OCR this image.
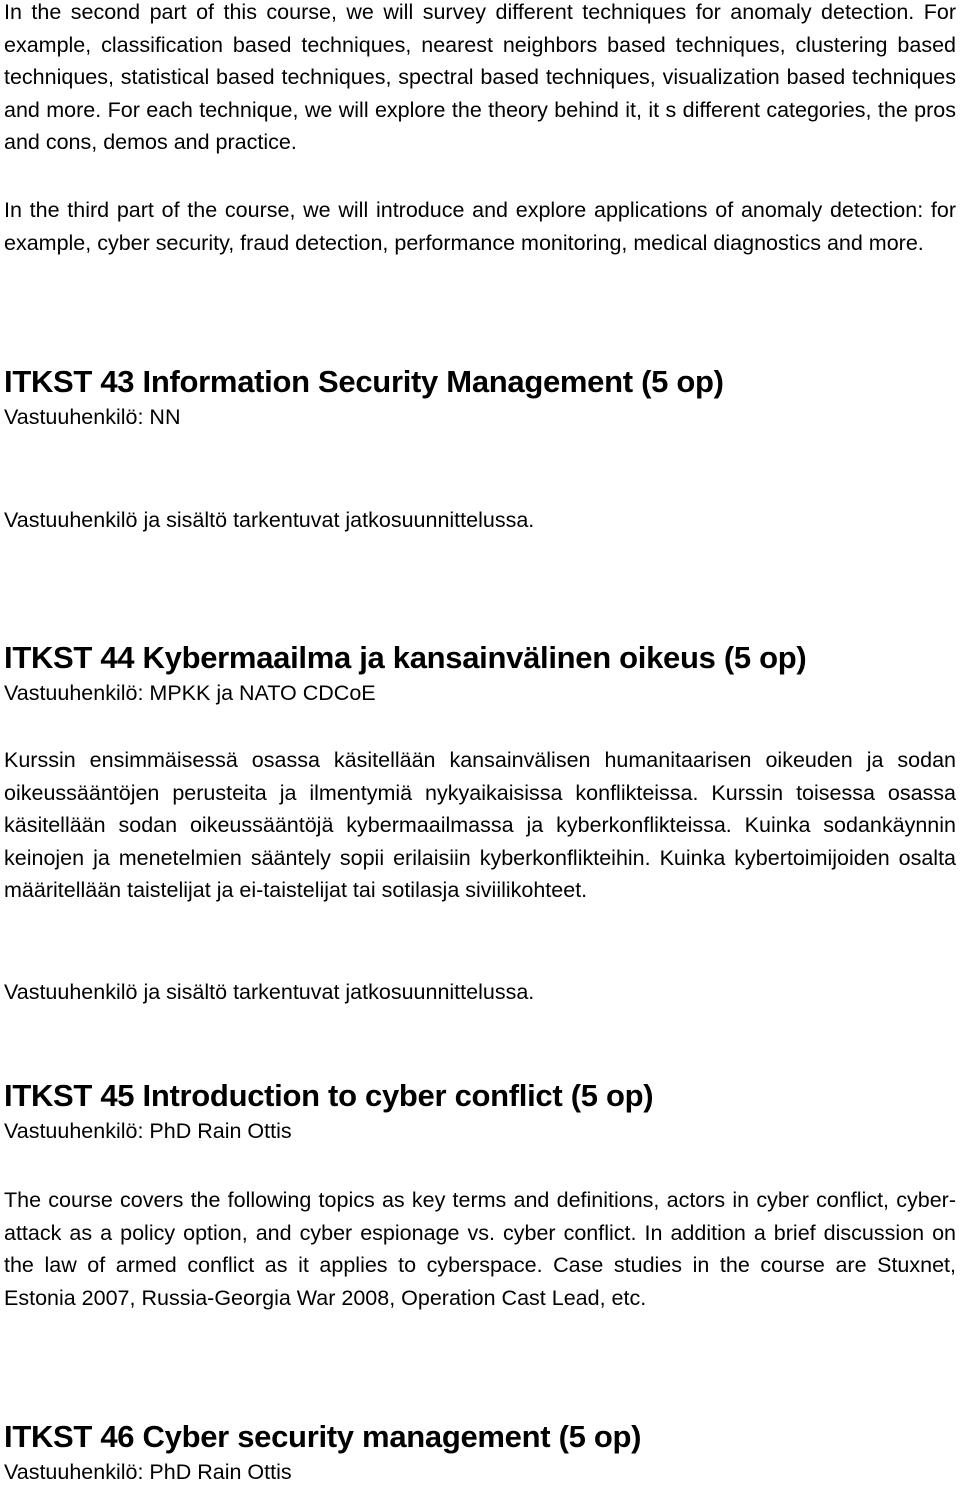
In the second part of this course, we will survey different techniques for anomaly detection. For example, classification based techniques, nearest neighbors based techniques, clustering based techniques, statistical based techniques, spectral based techniques, visualization based techniques and more. For each technique, we will explore the theory behind it, it s different categories, the pros and cons, demos and practice.

In the third part of the course, we will introduce and explore applications of anomaly detection: for example, cyber security, fraud detection, performance monitoring, medical diagnostics and more.

ITKST 43 Information Security Management (5 op)
Vastuuhenkilö: NN

Vastuuhenkilö ja sisältö tarkentuvat jatkosuunnittelussa.

ITKST 44 Kybermaailma ja kansainvälinen oikeus (5 op)
Vastuuhenkilö: MPKK ja NATO CDCoE

Kurssin ensimmäisessä osassa käsitellään kansainvälisen humanitaarisen oikeuden ja sodan oikeussääntöjen perusteita ja ilmentymiä nykyaikaisissa konflikteissa. Kurssin toisessa osassa käsitellään sodan oikeussääntöjä kybermaailmassa ja kyberkonflikteissa. Kuinka sodankäynnin keinojen ja menetelmien sääntely sopii erilaisiin kyberkonflikteihin. Kuinka kybertoimijoiden osalta määritellään taistelijat ja ei-taistelijat tai sotilasja siviilikohteet.

Vastuuhenkilö ja sisältö tarkentuvat jatkosuunnittelussa.

ITKST 45 Introduction to cyber conflict (5 op)
Vastuuhenkilö: PhD Rain Ottis

The course covers the following topics as key terms and definitions, actors in cyber conflict, cyber-attack as a policy option, and cyber espionage vs. cyber conflict. In addition a brief discussion on the law of armed conflict as it applies to cyberspace. Case studies in the course are Stuxnet, Estonia 2007, Russia-Georgia War 2008, Operation Cast Lead, etc.

ITKST 46 Cyber security management (5 op)
Vastuuhenkilö: PhD Rain Ottis
